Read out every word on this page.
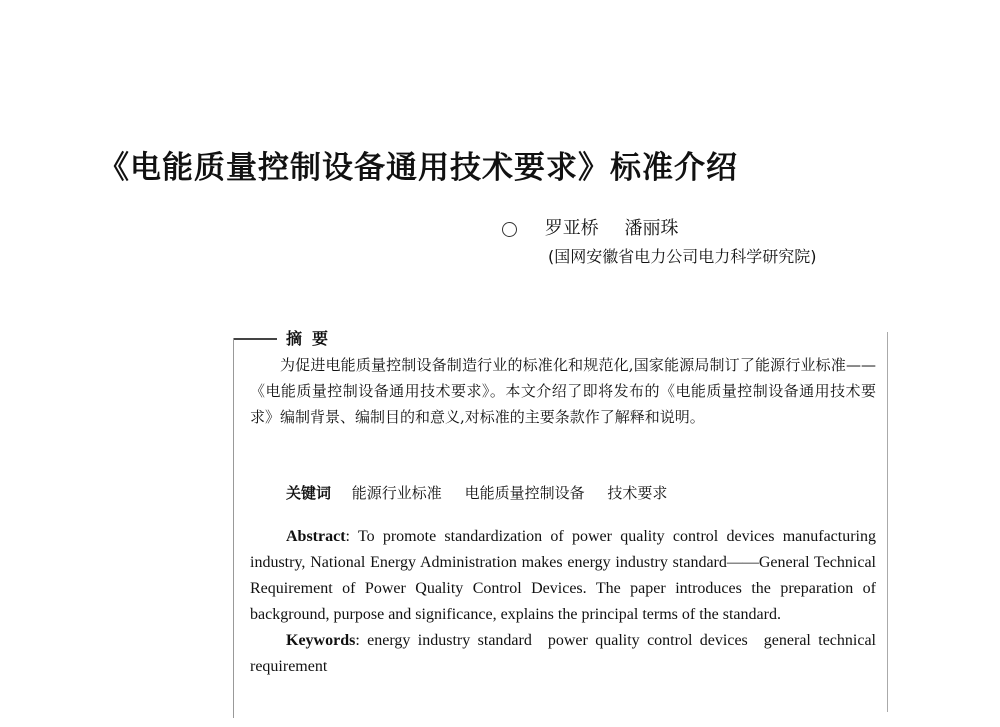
《电能质量控制设备通用技术要求》标准介绍
罗亚桥 潘丽珠
(国网安徽省电力公司电力科学研究院)
摘要

为促进电能质量控制设备制造行业的标准化和规范化,国家能源局制订了能源行业标准——《电能质量控制设备通用技术要求》。本文介绍了即将发布的《电能质量控制设备通用技术要求》编制背景、编制目的和意义,对标准的主要条款作了解释和说明。

关键词 能源行业标准 电能质量控制设备 技术要求

Abstract: To promote standardization of power quality control devices manufacturing industry, National Energy Administration makes energy industry standard——General Technical Requirement of Power Quality Control Devices. The paper introduces the preparation of background, purpose and significance, explains the principal terms of the standard.

Keywords: energy industry standard power quality control devices general technical requirement
